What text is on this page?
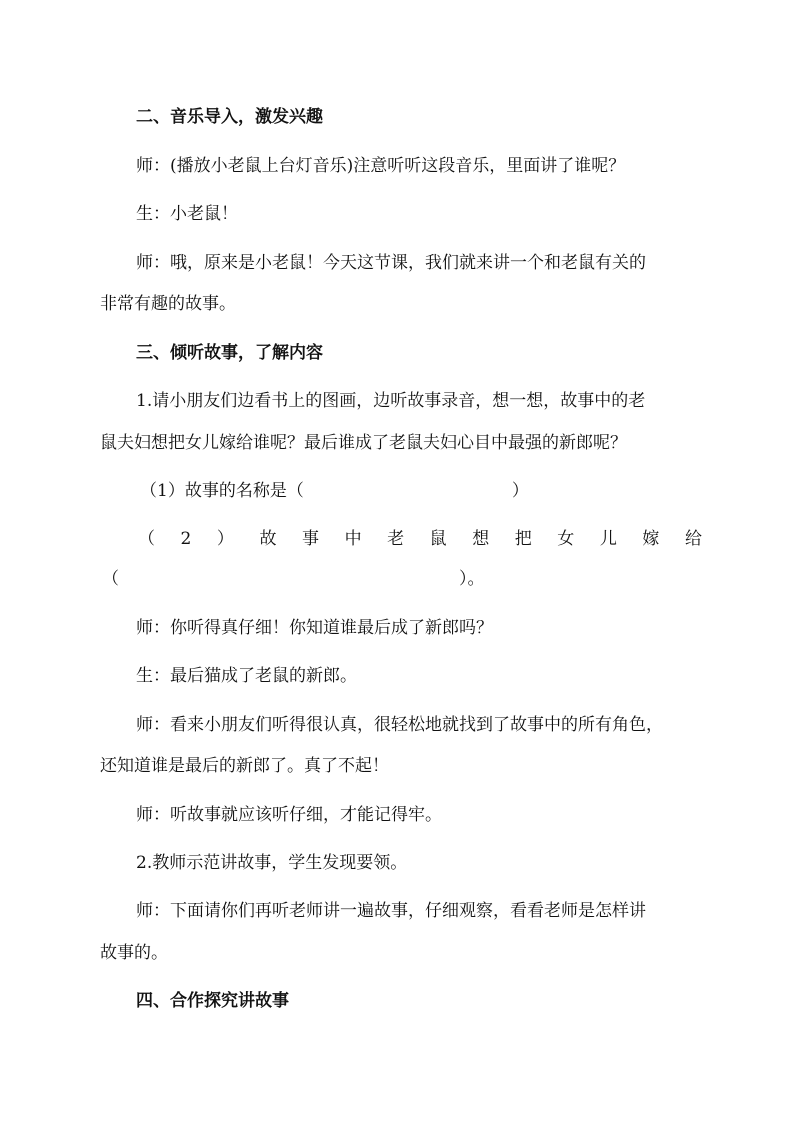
二、音乐导入，激发兴趣
师：(播放小老鼠上台灯音乐)注意听听这段音乐，里面讲了谁呢？
生：小老鼠！
师：哦，原来是小老鼠！今天这节课，我们就来讲一个和老鼠有关的
非常有趣的故事。
三、倾听故事，了解内容
1.请小朋友们边看书上的图画，边听故事录音，想一想，故事中的老
鼠夫妇想把女儿嫁给谁呢？最后谁成了老鼠夫妇心目中最强的新郎呢？
（1）故事的名称是（	）
（ 2 ） 故 事 中 老 鼠 想 把 女 儿 嫁 给
（	）。
师：你听得真仔细！你知道谁最后成了新郎吗？
生：最后猫成了老鼠的新郎。
师：看来小朋友们听得很认真，很轻松地就找到了故事中的所有角色，
还知道谁是最后的新郎了。真了不起！
师：听故事就应该听仔细，才能记得牢。
2.教师示范讲故事，学生发现要领。
师：下面请你们再听老师讲一遍故事，仔细观察，看看老师是怎样讲
故事的。
四、合作探究讲故事
